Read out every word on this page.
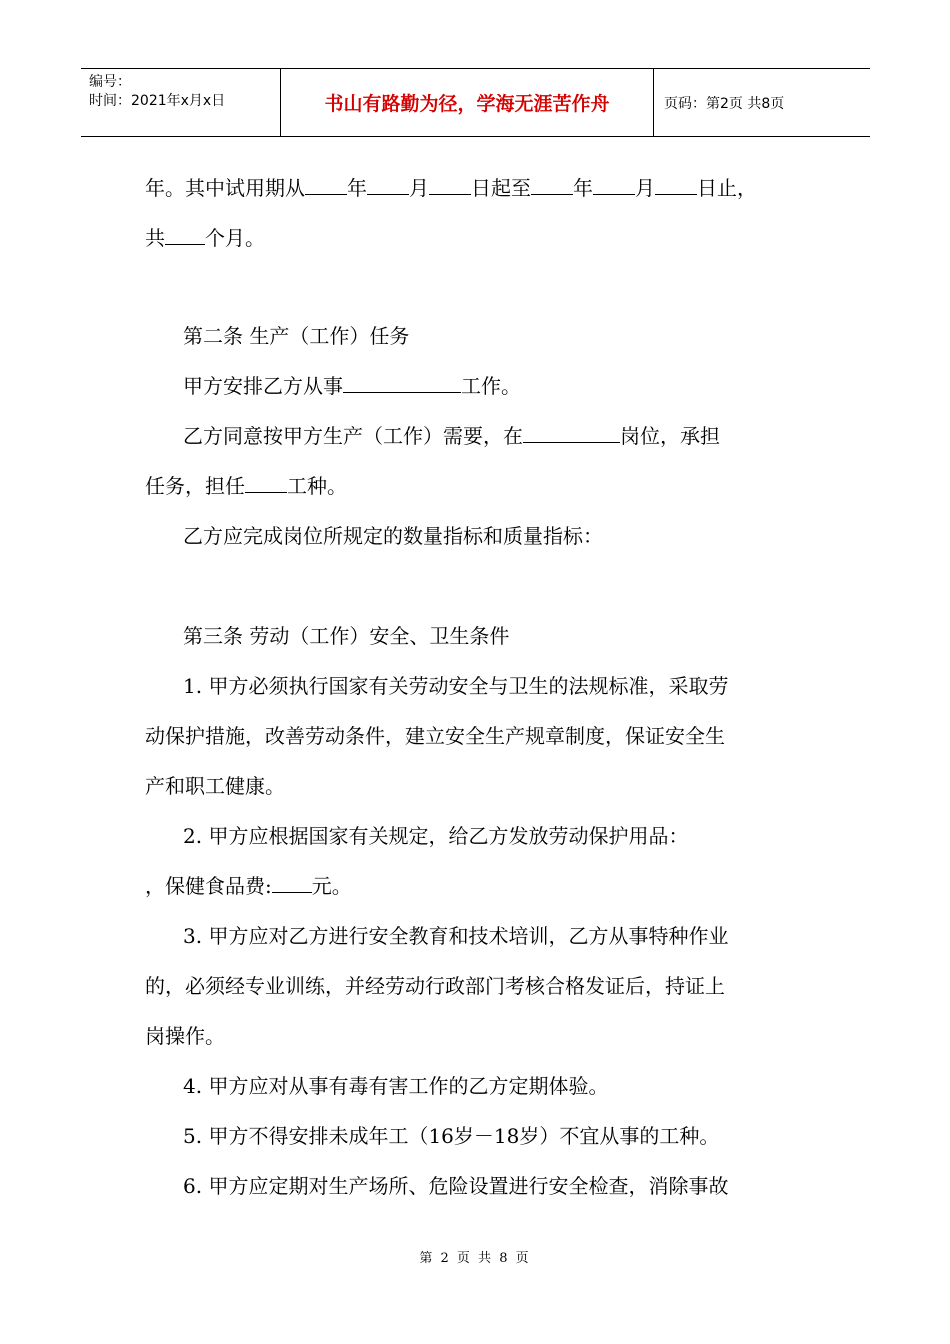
编号：
时间：2021年x月x日	书山有路勤为径，学海无涯苦作舟	页码：第2页 共8页
年。其中试用期从 年 月 日起至 年 月 日止，
共 个月。
第二条 生产（工作）任务
甲方安排乙方从事	工作。
乙方同意按甲方生产（工作）需要，在	岗位，承担
任务，担任 工种。
乙方应完成岗位所规定的数量指标和质量指标：
第三条 劳动（工作）安全、卫生条件
1. 甲方必须执行国家有关劳动安全与卫生的法规标准，采取劳
动保护措施，改善劳动条件，建立安全生产规章制度，保证安全生
产和职工健康。
2. 甲方应根据国家有关规定，给乙方发放劳动保护用品：
，保健食品费: 元。
3. 甲方应对乙方进行安全教育和技术培训，乙方从事特种作业
的，必须经专业训练，并经劳动行政部门考核合格发证后，持证上
岗操作。
4. 甲方应对从事有毒有害工作的乙方定期体验。
5. 甲方不得安排未成年工（16岁－18岁）不宜从事的工种。
6. 甲方应定期对生产场所、危险设置进行安全检查，消除事故
第 2 页 共 8 页
